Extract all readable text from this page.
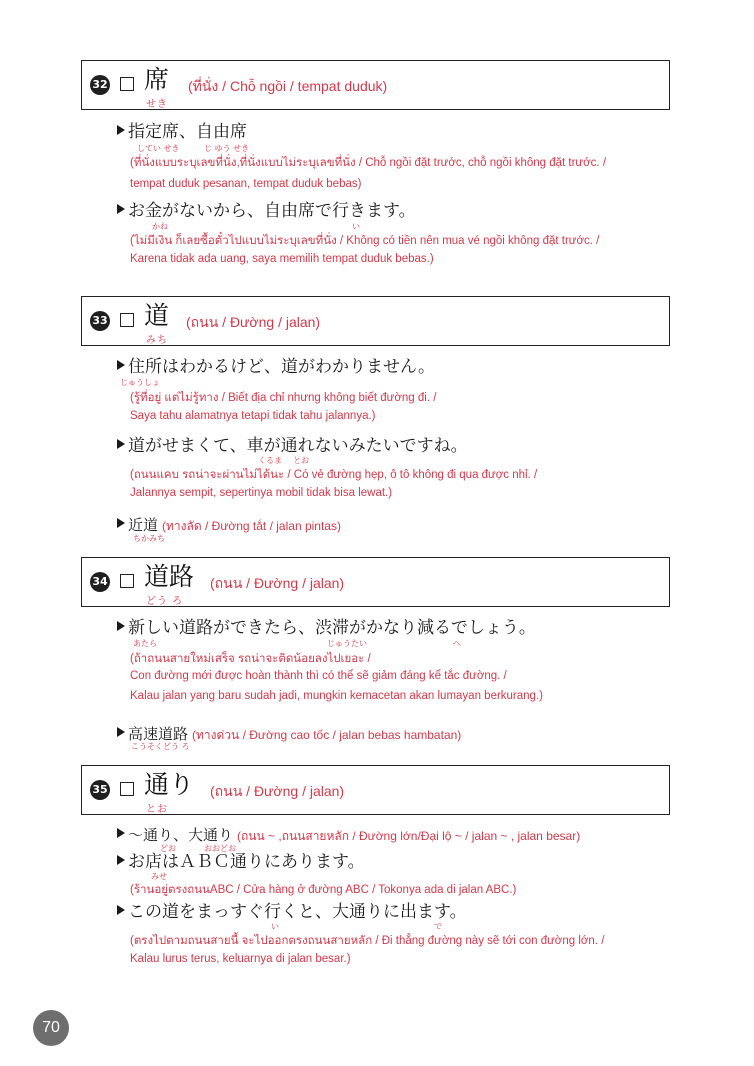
32 席
せき
(ที่นั่ง / Chỗ ngồi / tempat duduk)
指定席、自由席
してい せき	じ ゆう せき
(ที่นั่งแบบระบุเลขที่นั่ง,ที่นั่งแบบไม่ระบุเลขที่นั่ง / Chỗ ngồi đặt trước, chỗ ngồi không đặt trước. /
tempat duduk pesanan, tempat duduk bebas)
お金がないから、自由席で行きます。
かね	い
(ไม่มีเงิน ก็เลยซื้อตั๋วไปแบบไม่ระบุเลขที่นั่ง / Không có tiền nên mua vé ngồi không đặt trước. /
Karena tidak ada uang, saya memilih tempat duduk bebas.)
33 道
みち
(ถนน / Đường / jalan)
住所はわかるけど、道がわかりません。
じゅうしょ
(รู้ที่อยู่ แต่ไม่รู้ทาง / Biết địa chỉ nhưng không biết đường đi. /
Saya tahu alamatnya tetapi tidak tahu jalannya.)
道がせまくて、車が通れないみたいですね。
くるま とお
(ถนนแคบ รถน่าจะผ่านไม่ได้นะ / Có vẻ đường hẹp, ô tô không đi qua được nhỉ. /
Jalannya sempit, sepertinya mobil tidak bisa lewat.)
近道 (ทางลัด / Đường tắt / jalan pintas)
ちかみち
34 道路
どう ろ
(ถนน / Đường / jalan)
新しい道路ができたら、渋滞がかなり減るでしょう。
あたら	じゅうたい	へ
(ถ้าถนนสายใหม่เสร็จ รถน่าจะติดน้อยลงไปเยอะ /
Con đường mới được hoàn thành thì có thể sẽ giảm đáng kể tắc đường. /
Kalau jalan yang baru sudah jadi, mungkin kemacetan akan lumayan berkurang.)
高速道路 (ทางด่วน / Đường cao tốc / jalan bebas hambatan)
こうそくどう ろ
35 通り
とお
(ถนน / Đường / jalan)
～通り、大通り (ถนน ~ ,ถนนสายหลัก / Đường lớn/Đại lộ ~ / jalan ~ , jalan besar)
どお	おおどお
お店はＡＢＣ通りにあります。
みせ
(ร้านอยู่ตรงถนนABC / Cửa hàng ở đường ABC / Tokonya ada di jalan ABC.)
この道をまっすぐ行くと、大通りに出ます。
い	で
(ตรงไปตามถนนสายนี้ จะไปออกตรงถนนสายหลัก / Đi thẳng đường này sẽ tới con đường lớn. /
Kalau lurus terus, keluarnya di jalan besar.)
70
